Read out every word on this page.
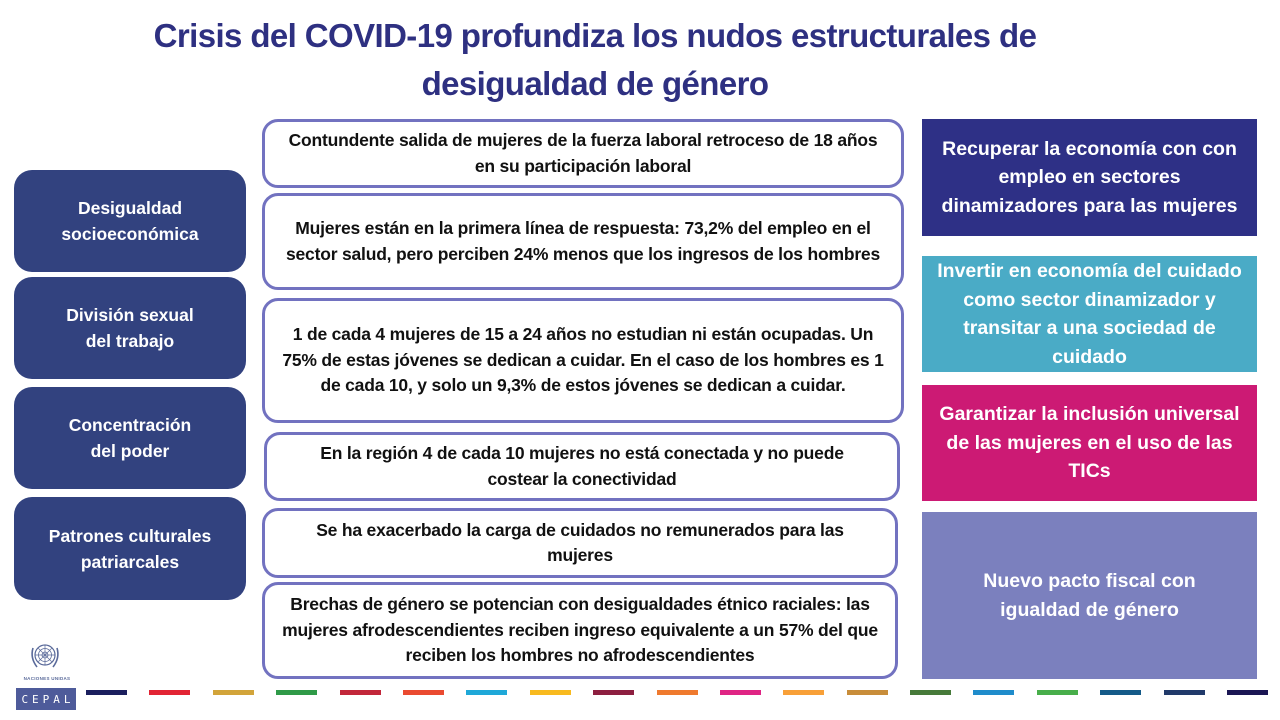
Crisis del COVID-19 profundiza los nudos estructurales de
desigualdad de género
Desigualdad
socioeconómica
División sexual
del trabajo
Concentración
del poder
Patrones culturales
patriarcales
Contundente salida de mujeres de la fuerza laboral retroceso de 18 años en su participación laboral
Mujeres están en la primera línea de respuesta: 73,2% del empleo en el sector salud, pero perciben 24% menos que los ingresos de los hombres
1 de cada 4 mujeres de 15 a 24 años no estudian ni están ocupadas. Un 75% de estas jóvenes se dedican a cuidar. En el caso de los hombres es 1 de cada 10, y solo un 9,3% de estos jóvenes se dedican a cuidar.
En la región 4 de cada 10 mujeres no está conectada y no puede costear la conectividad
Se ha exacerbado la carga de cuidados no remunerados para las mujeres
Brechas de género se potencian con desigualdades étnico raciales: las mujeres afrodescendientes reciben ingreso equivalente a un 57% del que reciben los hombres no afrodescendientes
Recuperar la economía con con empleo en sectores dinamizadores para las mujeres
Invertir en economía del cuidado como sector dinamizador y transitar a una sociedad de cuidado
Garantizar la inclusión universal de las mujeres en el uso de las TICs
Nuevo pacto fiscal con igualdad de género
NACIONES UNIDAS
CEPAL
